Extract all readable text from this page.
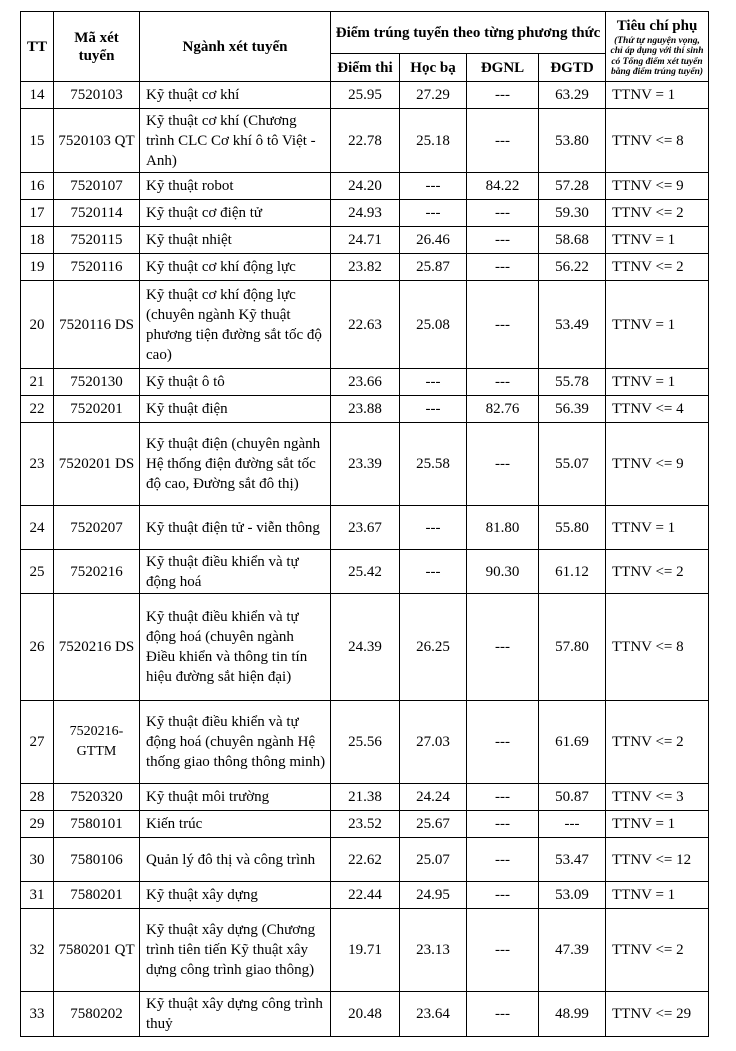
TT	Mã xét tuyển	Ngành xét tuyển	Điểm trúng tuyển theo từng phương thức				Tiêu chí phụ
(Thứ tự nguyện vọng, chỉ áp dụng với thí sinh có Tổng điểm xét tuyển bằng điểm trúng tuyển)

			Điểm thi	Học bạ	ĐGNL	ĐGTD	
14	7520103	Kỹ thuật cơ khí	25.95	27.29	---	63.29	TTNV = 1
15	7520103 QT	Kỹ thuật cơ khí (Chương trình CLC Cơ khí ô tô Việt - Anh)	22.78	25.18	---	53.80	TTNV <= 8
16	7520107	Kỹ thuật robot	24.20	---	84.22	57.28	TTNV <= 9
17	7520114	Kỹ thuật cơ điện tử	24.93	---	---	59.30	TTNV <= 2
18	7520115	Kỹ thuật nhiệt	24.71	26.46	---	58.68	TTNV = 1
19	7520116	Kỹ thuật cơ khí động lực	23.82	25.87	---	56.22	TTNV <= 2
20	7520116 DS	Kỹ thuật cơ khí động lực (chuyên ngành Kỹ thuật phương tiện đường sắt tốc độ cao)	22.63	25.08	---	53.49	TTNV = 1
21	7520130	Kỹ thuật ô tô	23.66	---	---	55.78	TTNV = 1
22	7520201	Kỹ thuật điện	23.88	---	82.76	56.39	TTNV <= 4
23	7520201 DS	Kỹ thuật điện (chuyên ngành Hệ thống điện đường sắt tốc độ cao, Đường sắt đô thị)	23.39	25.58	---	55.07	TTNV <= 9
24	7520207	Kỹ thuật điện tử - viễn thông	23.67	---	81.80	55.80	TTNV = 1
25	7520216	Kỹ thuật điều khiển và tự động hoá	25.42	---	90.30	61.12	TTNV <= 2
26	7520216 DS	Kỹ thuật điều khiển và tự động hoá (chuyên ngành Điều khiển và thông tin tín hiệu đường sắt hiện đại)	24.39	26.25	---	57.80	TTNV <= 8
27	7520216-GTTM	Kỹ thuật điều khiển và tự động hoá (chuyên ngành Hệ thống giao thông thông minh)	25.56	27.03	---	61.69	TTNV <= 2
28	7520320	Kỹ thuật môi trường	21.38	24.24	---	50.87	TTNV <= 3
29	7580101	Kiến trúc	23.52	25.67	---	---	TTNV = 1
30	7580106	Quản lý đô thị và công trình	22.62	25.07	---	53.47	TTNV <= 12
31	7580201	Kỹ thuật xây dựng	22.44	24.95	---	53.09	TTNV = 1
32	7580201 QT	Kỹ thuật xây dựng (Chương trình tiên tiến Kỹ thuật xây dựng công trình giao thông)	19.71	23.13	---	47.39	TTNV <= 2
33	7580202	Kỹ thuật xây dựng công trình thuỷ	20.48	23.64	---	48.99	TTNV <= 29
